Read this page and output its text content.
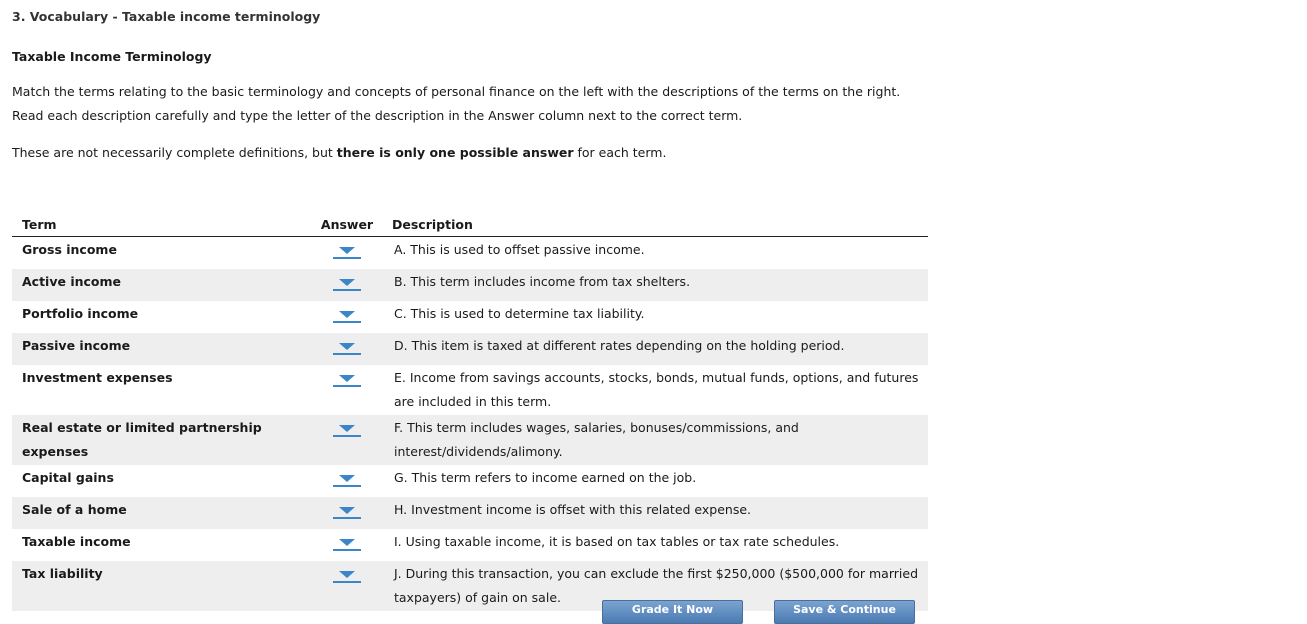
3. Vocabulary - Taxable income terminology
Taxable Income Terminology
Match the terms relating to the basic terminology and concepts of personal finance on the left with the descriptions of the terms on the right. Read each description carefully and type the letter of the description in the Answer column next to the correct term.
These are not necessarily complete definitions, but there is only one possible answer for each term.
Term	Answer	Description
Gross income		A. This is used to offset passive income.
Active income		B. This term includes income from tax shelters.
Portfolio income		C. This is used to determine tax liability.
Passive income		D. This item is taxed at different rates depending on the holding period.
Investment expenses		E. Income from savings accounts, stocks, bonds, mutual funds, options, and futures are included in this term.
Real estate or limited partnership expenses		F. This term includes wages, salaries, bonuses/commissions, and interest/dividends/alimony.
Capital gains		G. This term refers to income earned on the job.
Sale of a home		H. Investment income is offset with this related expense.
Taxable income		I. Using taxable income, it is based on tax tables or tax rate schedules.
Tax liability		J. During this transaction, you can exclude the first $250,000 ($500,000 for married taxpayers) of gain on sale.
Grade It Now	Save & Continue
